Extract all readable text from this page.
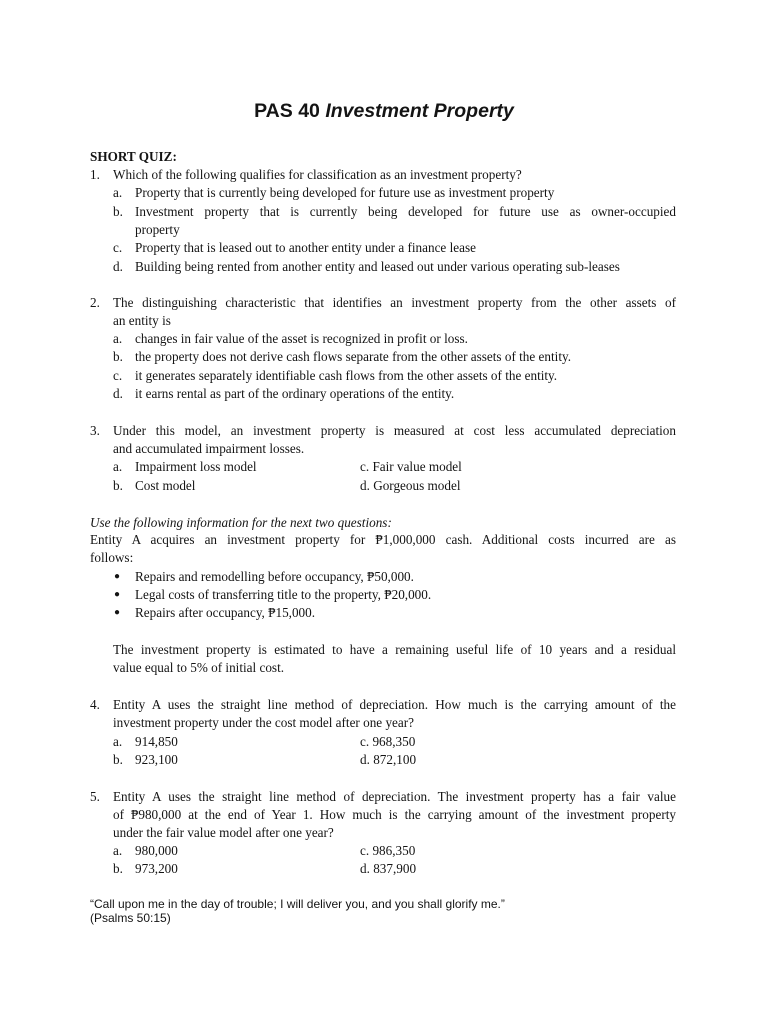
PAS 40 Investment Property
SHORT QUIZ:
1. Which of the following qualifies for classification as an investment property?
a. Property that is currently being developed for future use as investment property
b. Investment property that is currently being developed for future use as owner-occupied
property
c. Property that is leased out to another entity under a finance lease
d. Building being rented from another entity and leased out under various operating sub-leases
2. The distinguishing characteristic that identifies an investment property from the other assets of
an entity is
a. changes in fair value of the asset is recognized in profit or loss.
b. the property does not derive cash flows separate from the other assets of the entity.
c. it generates separately identifiable cash flows from the other assets of the entity.
d. it earns rental as part of the ordinary operations of the entity.
3. Under this model, an investment property is measured at cost less accumulated depreciation
and accumulated impairment losses.
a. Impairment loss model	c. Fair value model
b. Cost model	d. Gorgeous model
Use the following information for the next two questions:
Entity A acquires an investment property for ₱1,000,000 cash. Additional costs incurred are as
follows:
● Repairs and remodelling before occupancy, ₱50,000.
● Legal costs of transferring title to the property, ₱20,000.
● Repairs after occupancy, ₱15,000.
The investment property is estimated to have a remaining useful life of 10 years and a residual
value equal to 5% of initial cost.
4. Entity A uses the straight line method of depreciation. How much is the carrying amount of the
investment property under the cost model after one year?
a. 914,850	c. 968,350
b. 923,100	d. 872,100
5. Entity A uses the straight line method of depreciation. The investment property has a fair value
of ₱980,000 at the end of Year 1. How much is the carrying amount of the investment property
under the fair value model after one year?
a. 980,000	c. 986,350
b. 973,200	d. 837,900
“Call upon me in the day of trouble; I will deliver you, and you shall glorify me.”
(Psalms 50:15)
